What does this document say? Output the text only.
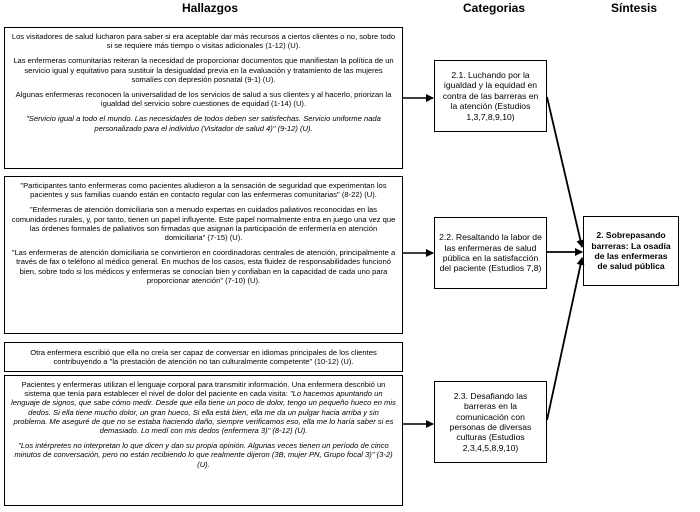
Hallazgos	Categorias	Síntesis

Los visitadores de salud lucharon para saber si era aceptable dar más recursos a ciertos clientes o no, sobre todo si se requiere más tiempo o visitas adicionales (1-12) (U).

Las enfermeras comunitarias reiteran la necesidad de proporcionar documentos que manifiestan la política de un servicio igual y equitativo para sustituir la desigualdad previa en la evaluación y tratamiento de las mujeres somalíes con depresión posnatal (9-1) (U).

Algunas enfermeras reconocen la universalidad de los servicios de salud a sus clientes y al hacerlo, priorizan la igualdad del servicio sobre cuestiones de equidad (1-14) (U).

"Servicio igual a todo el mundo. Las necesidades de todos deben ser satisfechas. Servicio uniforme nada personalizado para el individuo (Visitador de salud 4)" (9-12) (U).

"Participantes tanto enfermeras como pacientes aludieron a la sensación de seguridad que experimentan los pacientes y sus familias cuando están en contacto regular con las enfermeras comunitarias" (8-22) (U).

"Enfermeras de atención domiciliaria son a menudo expertas en cuidados paliativos reconocidas en las comunidades rurales, y, por tanto, tienen un papel influyente. Este papel normalmente entra en juego una vez que las órdenes formales de paliativos son firmadas que asignan la participación de enfermería en atención domiciliaria" (7-15) (U).

"Las enfermeras de atención domiciliaria se convirtieron en coordinadoras centrales de atención, principalmente a través de fax o teléfono al médico general. En muchos de los casos, esta fluidez de responsabilidades funcionó bien, sobre todo si los médicos y enfermeras se conocían bien y confiaban en la capacidad de cada uno para proporcionar atención" (7-10) (U).

Otra enfermera escribió que ella no creía ser capaz de conversar en idiomas principales de los clientes contribuyendo a "la prestación de atención no tan culturalmente competente" (10-12) (U).

Pacientes y enfermeras utilizan el lenguaje corporal para transmitir información. Una enfermera describió un sistema que tenía para establecer el nivel de dolor del paciente en cada visita: "Lo hacemos apuntando un lenguaje de signos, que sabe cómo medir. Desde que ella tiene un poco de dolor, tengo un pequeño hueco en mis dedos. Si ella tiene mucho dolor, un gran hueco, Si ella está bien, ella me da un pulgar hacia arriba y sin problema. Me aseguré de que no se estaba haciendo daño, siempre verificamos eso, ella me lo haría saber si es demasiado. Lo medí con mis dedos (enfermera 3)" (8-12) (U).

"Los intérpretes no interpretan lo que dicen y dan su propia opinión. Algunas veces tienen un período de cinco minutos de conversación, pero no están recibiendo lo que realmente dijeron (3B, mujer PN, Grupo focal 3)" (3-2) (U).

2.1. Luchando por la igualdad y la equidad en contra de las barreras en la atención (Estudios 1,3,7,8,9,10)
2.2. Resaltando la labor de las enfermeras de salud pública en la satisfacción del paciente (Estudios 7,8)
2.3. Desafiando las barreras en la comunicación con personas de diversas culturas (Estudios 2,3,4,5,8,9,10)
2. Sobrepasando barreras: La osadía de las enfermeras de salud pública
